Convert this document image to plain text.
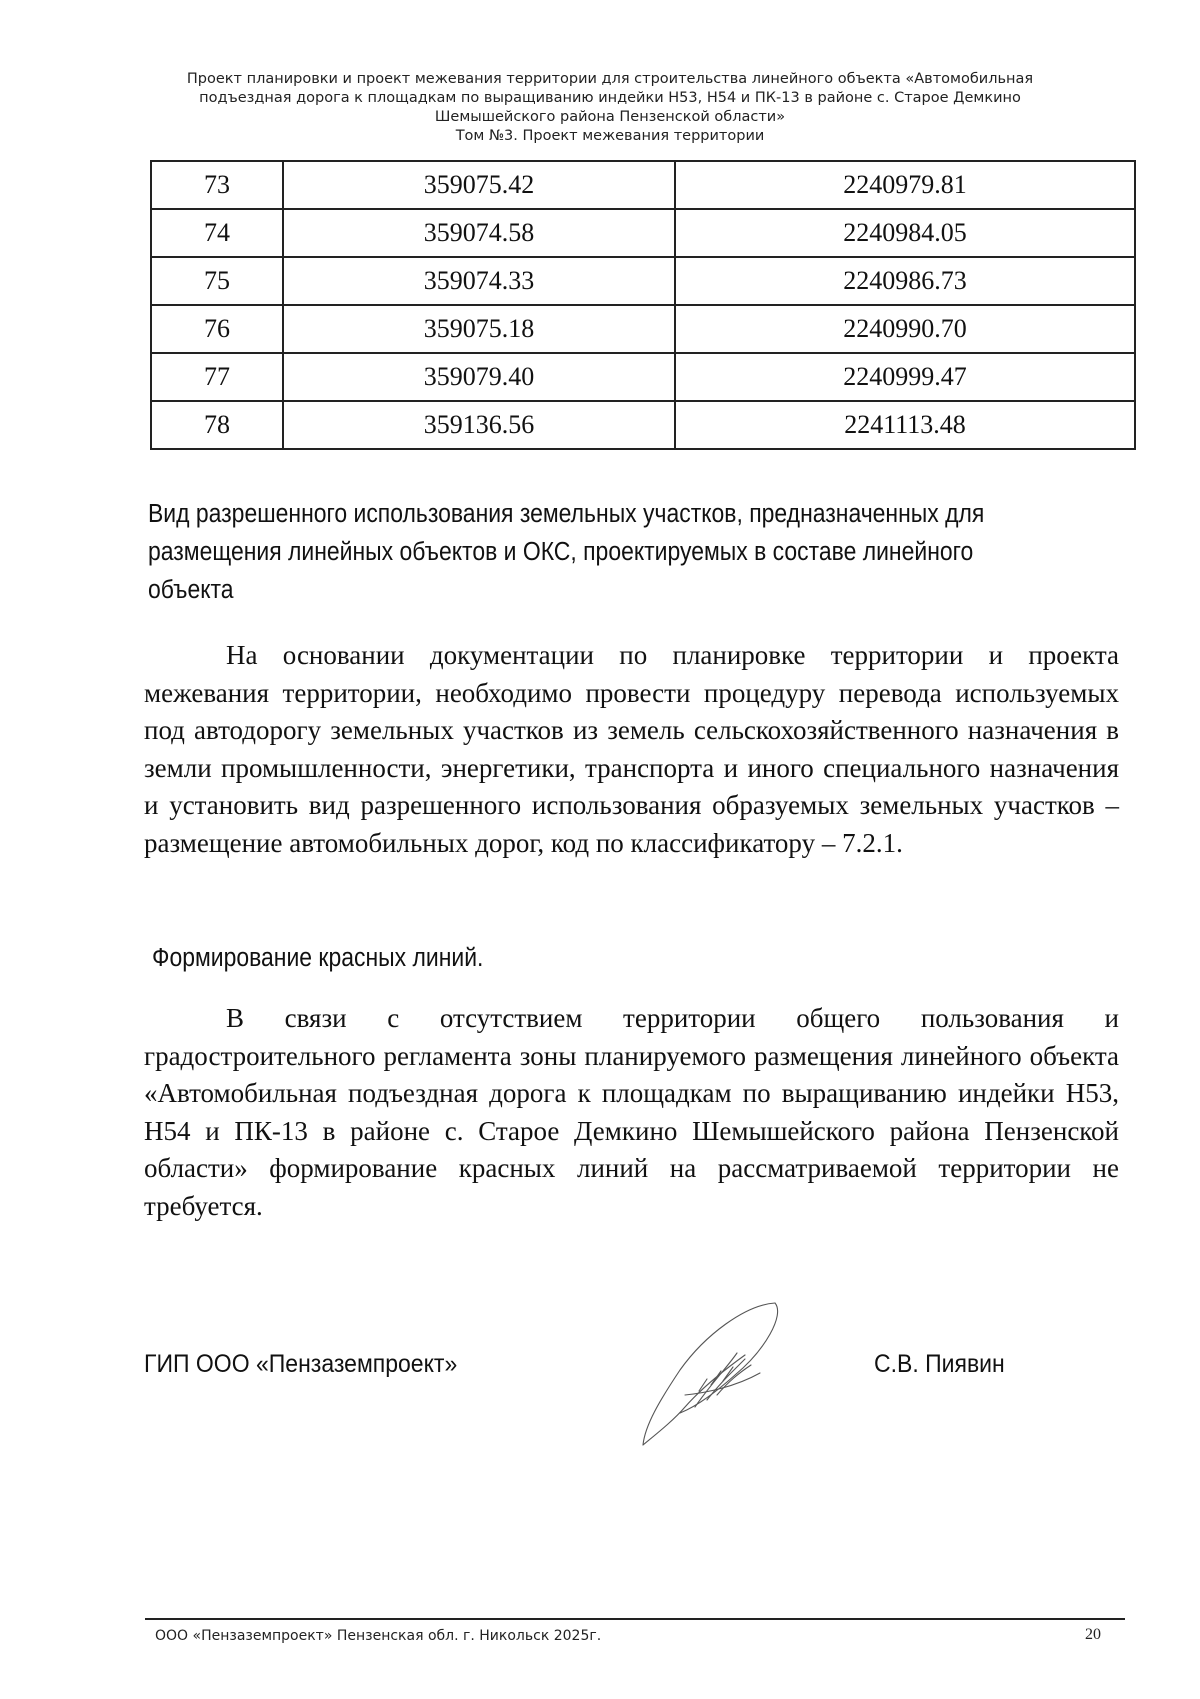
Проект планировки и проект межевания территории для строительства линейного объекта «Автомобильная
подъездная дорога к площадкам по выращиванию индейки Н53, Н54 и ПК-13 в районе с. Старое Демкино
Шемышейского района Пензенской области»
Том №3. Проект межевания территории
73	359075.42	2240979.81
74	359074.58	2240984.05
75	359074.33	2240986.73
76	359075.18	2240990.70
77	359079.40	2240999.47
78	359136.56	2241113.48
Вид разрешенного использования земельных участков, предназначенных для
размещения линейных объектов и ОКС, проектируемых в составе линейного
объекта

На основании документации по планировке территории и проекта межевания территории, необходимо провести процедуру перевода используемых под автодорогу земельных участков из земель сельскохозяйственного назначения в земли промышленности, энергетики, транспорта и иного специального назначения и установить вид разрешенного использования образуемых земельных участков – размещение автомобильных дорог, код по классификатору – 7.2.1.

Формирование красных линий.

В связи с отсутствием территории общего пользования и градостроительного регламента зоны планируемого размещения линейного объекта «Автомобильная подъездная дорога к площадкам по выращиванию индейки Н53, Н54 и ПК-13 в районе с. Старое Демкино Шемышейского района Пензенской области» формирование красных линий на рассматриваемой территории не требуется.

ГИП ООО «Пензаземпроект»	С.В. Пиявин
ООО «Пензаземпроект» Пензенская обл. г. Никольск 2025г.	20
